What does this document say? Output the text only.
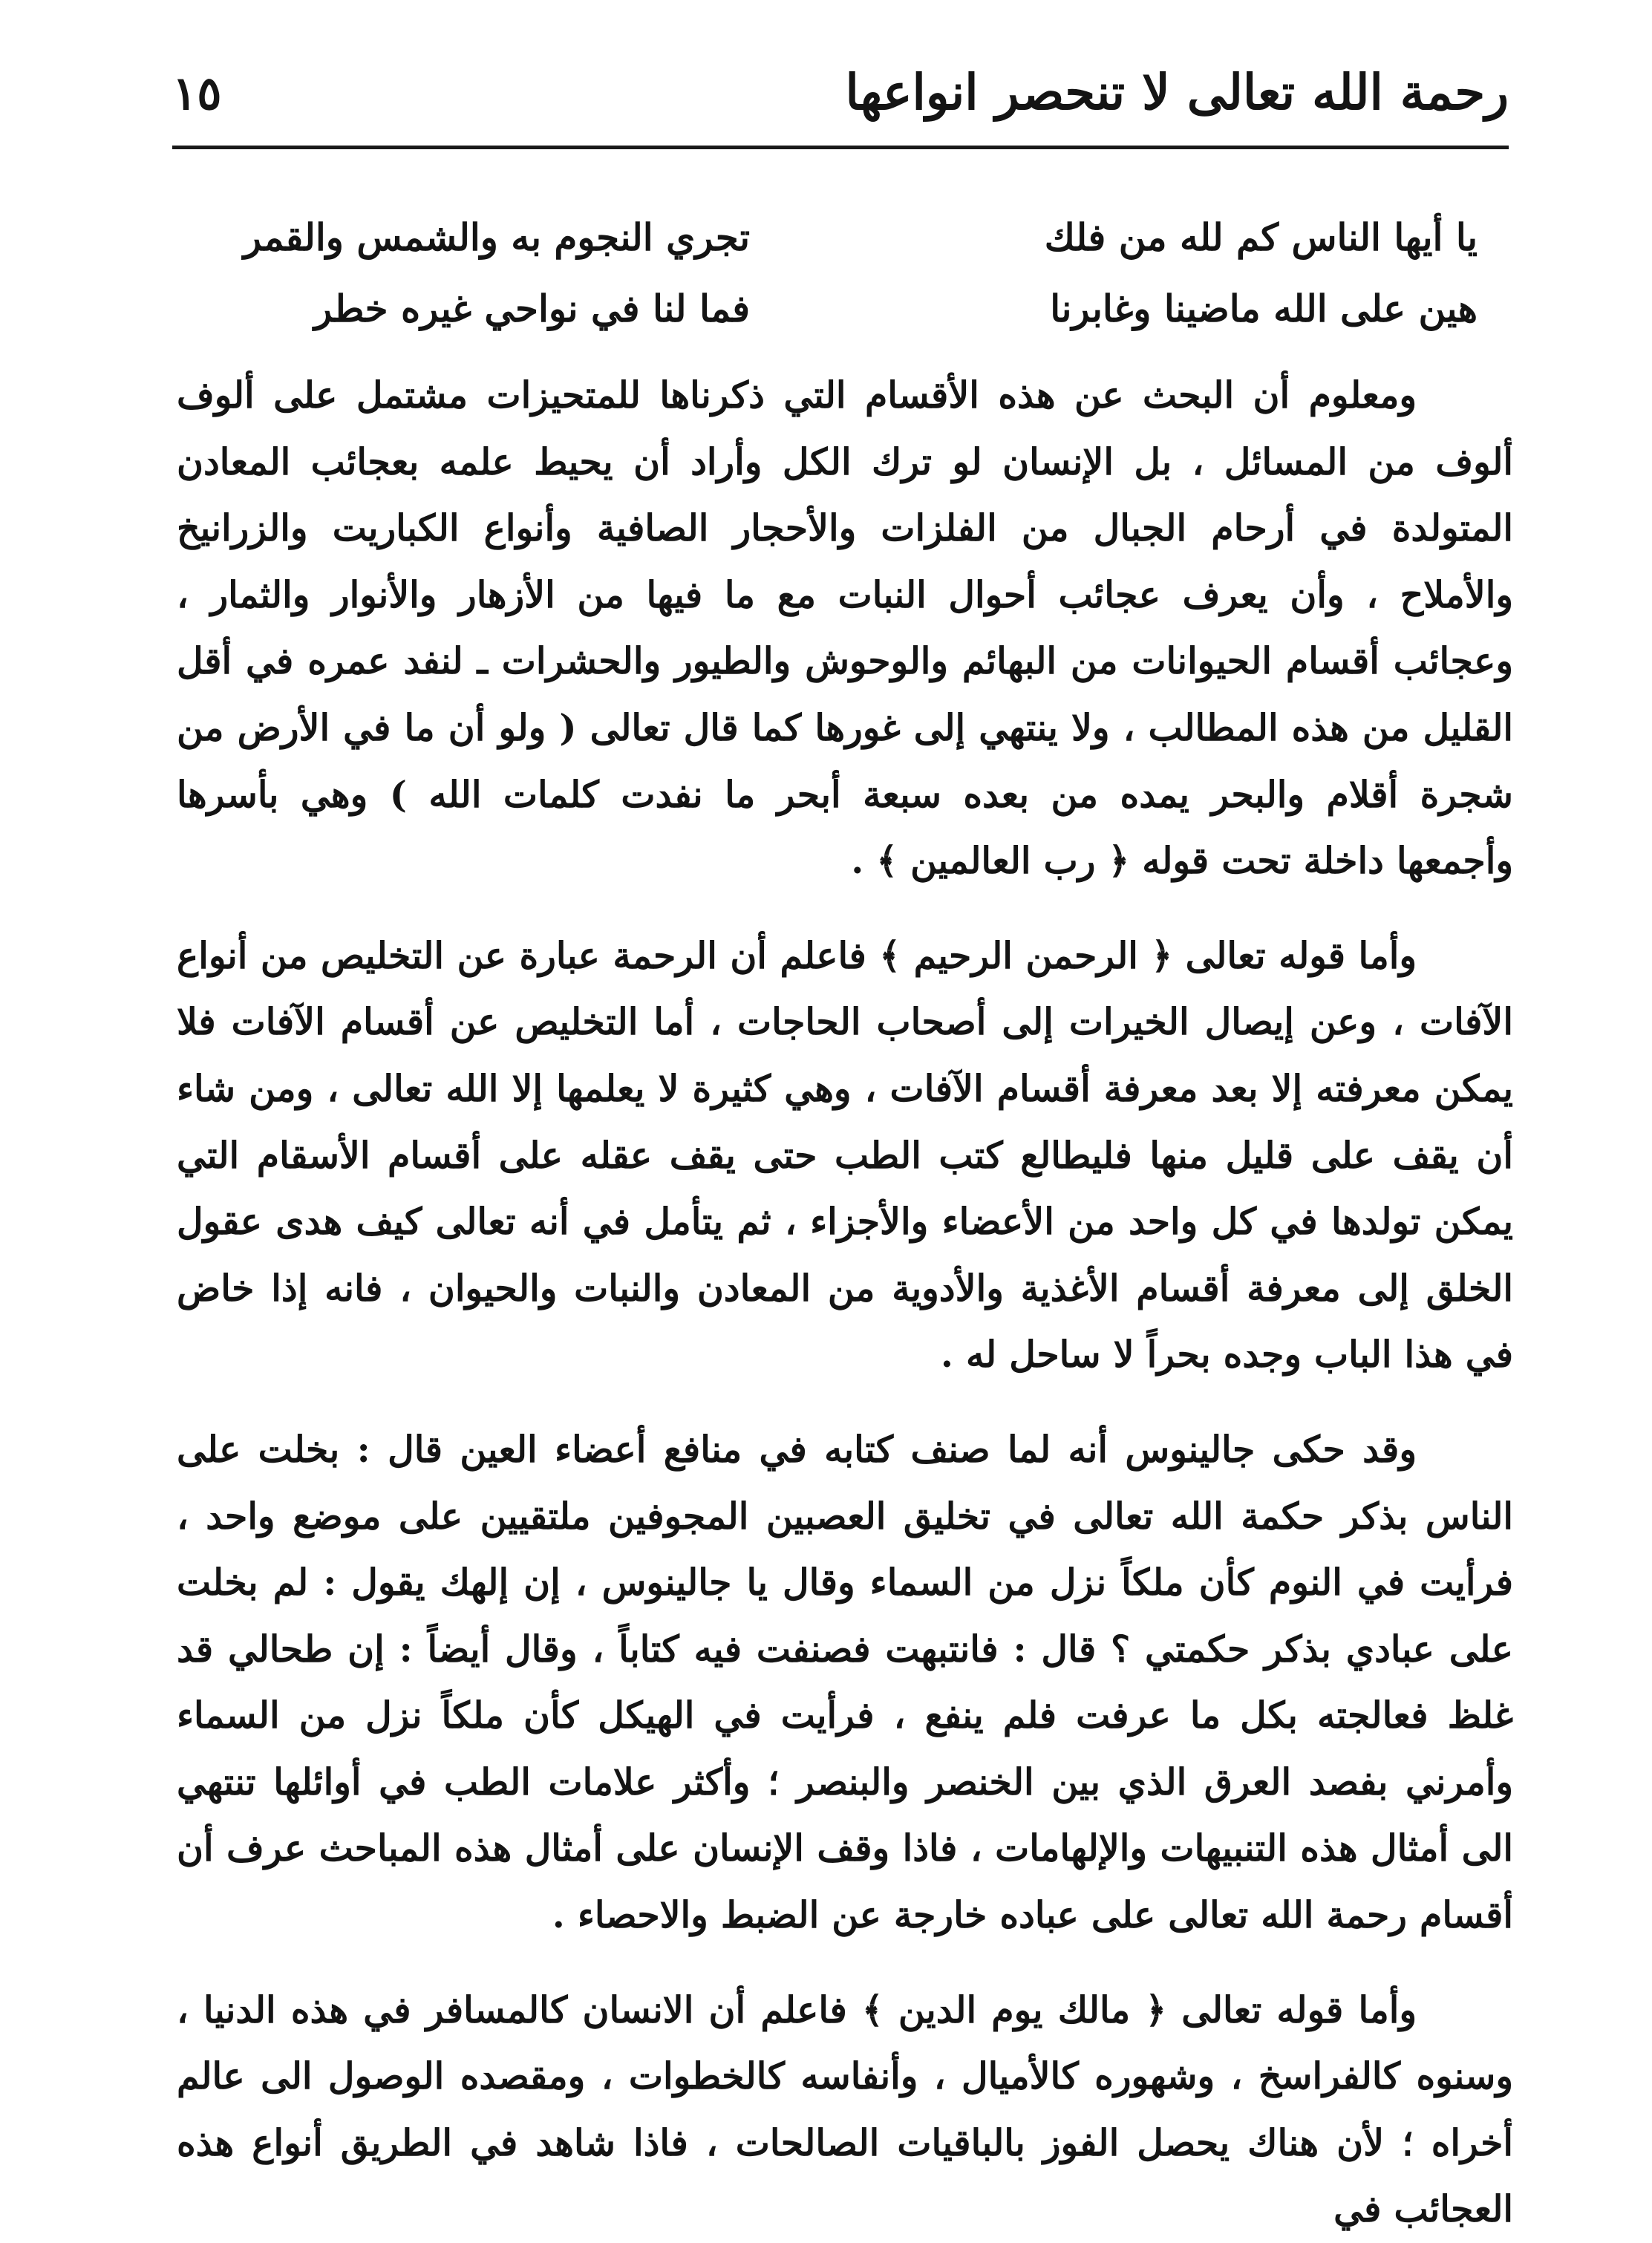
رحمة الله تعالى لا تنحصر انواعها
١٥
يا أيها الناس كم لله من فلك
تجري النجوم به والشمس والقمر
هين على الله ماضينا وغابرنا
فما لنا في نواحي غيره خطر

ومعلوم أن البحث عن هذه الأقسام التي ذكرناها للمتحيزات مشتمل على ألوف ألوف من المسائل ، بل الإنسان لو ترك الكل وأراد أن يحيط علمه بعجائب المعادن المتولدة في أرحام الجبال من الفلزات والأحجار الصافية وأنواع الكباريت والزرانيخ والأملاح ، وأن يعرف عجائب أحوال النبات مع ما فيها من الأزهار والأنوار والثمار ، وعجائب أقسام الحيوانات من البهائم والوحوش والطيور والحشرات ـ لنفد عمره في أقل القليل من هذه المطالب ، ولا ينتهي إلى غورها كما قال تعالى ( ولو أن ما في الأرض من شجرة أقلام والبحر يمده من بعده سبعة أبحر ما نفدت كلمات الله ) وهي بأسرها وأجمعها داخلة تحت قوله ﴿ رب العالمين ﴾ .

وأما قوله تعالى ﴿ الرحمن الرحيم ﴾ فاعلم أن الرحمة عبارة عن التخليص من أنواع الآفات ، وعن إيصال الخيرات إلى أصحاب الحاجات ، أما التخليص عن أقسام الآفات فلا يمكن معرفته إلا بعد معرفة أقسام الآفات ، وهي كثيرة لا يعلمها إلا الله تعالى ، ومن شاء أن يقف على قليل منها فليطالع كتب الطب حتى يقف عقله على أقسام الأسقام التي يمكن تولدها في كل واحد من الأعضاء والأجزاء ، ثم يتأمل في أنه تعالى كيف هدى عقول الخلق إلى معرفة أقسام الأغذية والأدوية من المعادن والنبات والحيوان ، فانه إذا خاض في هذا الباب وجده بحراً لا ساحل له .

وقد حكى جالينوس أنه لما صنف كتابه في منافع أعضاء العين قال : بخلت على الناس بذكر حكمة الله تعالى في تخليق العصبين المجوفين ملتقيين على موضع واحد ، فرأيت في النوم كأن ملكاً نزل من السماء وقال يا جالينوس ، إن إلهك يقول : لم بخلت على عبادي بذكر حكمتي ؟ قال : فانتبهت فصنفت فيه كتاباً ، وقال أيضاً : إن طحالي قد غلظ فعالجته بكل ما عرفت فلم ينفع ، فرأيت في الهيكل كأن ملكاً نزل من السماء وأمرني بفصد العرق الذي بين الخنصر والبنصر ؛ وأكثر علامات الطب في أوائلها تنتهي الى أمثال هذه التنبيهات والإلهامات ، فاذا وقف الإنسان على أمثال هذه المباحث عرف أن أقسام رحمة الله تعالى على عباده خارجة عن الضبط والاحصاء .

وأما قوله تعالى ﴿ مالك يوم الدين ﴾ فاعلم أن الانسان كالمسافر في هذه الدنيا ، وسنوه كالفراسخ ، وشهوره كالأميال ، وأنفاسه كالخطوات ، ومقصده الوصول الى عالم أخراه ؛ لأن هناك يحصل الفوز بالباقيات الصالحات ، فاذا شاهد في الطريق أنواع هذه العجائب في
